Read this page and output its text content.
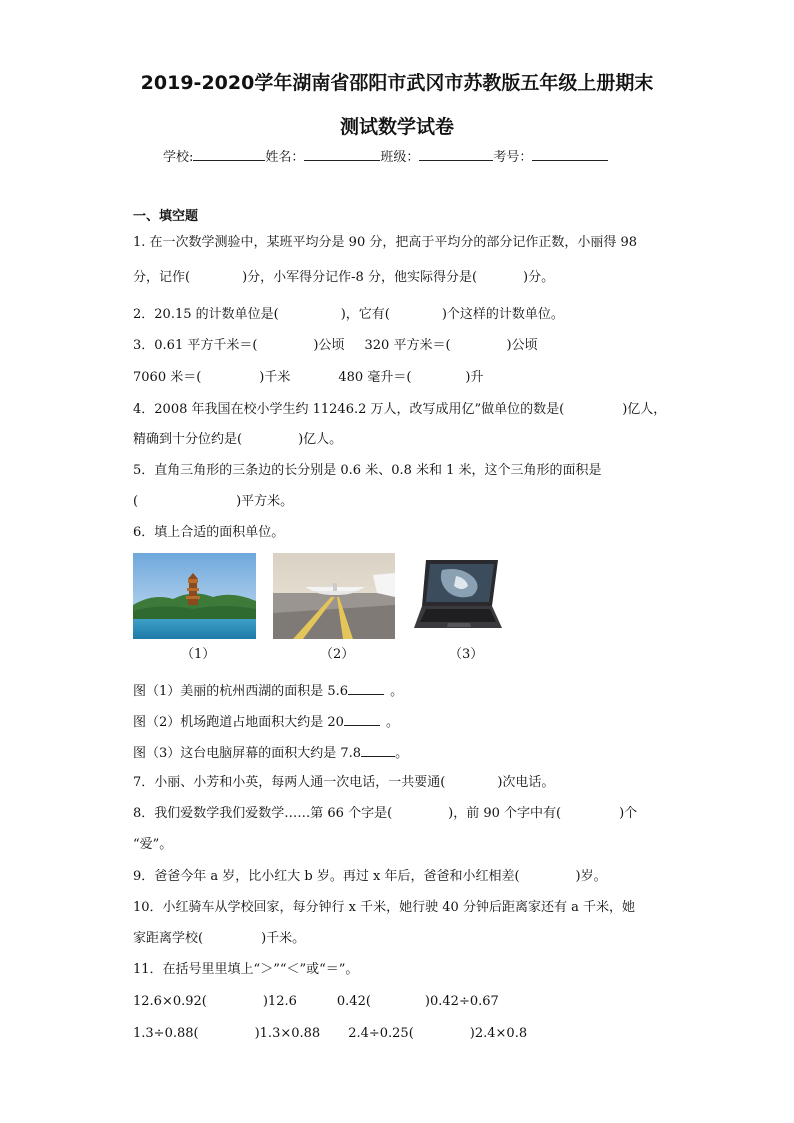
2019-2020学年湖南省邵阳市武冈市苏教版五年级上册期末
测试数学试卷
学校:	姓名：	班级：	考号：
一、填空题
1. 在一次数学测验中，某班平均分是 90 分，把高于平均分的部分记作正数，小丽得 98
分，记作(	)分，小军得分记作-8 分，他实际得分是(	)分。
2．20.15 的计数单位是(	)，它有(	)个这样的计数单位。
3．0.61 平方千米＝(	)公顷 320 平方米＝(	)公顷
7060 米＝(	)千米	480 毫升＝(	)升
4．2008 年我国在校小学生约 11246.2 万人，改写成用亿”做单位的数是(	)亿人，
精确到十分位约是(	)亿人。
5．直角三角形的三条边的长分别是 0.6 米、0.8 米和 1 米，这个三角形的面积是
(	)平方米。
6．填上合适的面积单位。
（1）	（2）	（3）
图（1）美丽的杭州西湖的面积是 5.6	。
图（2）机场跑道占地面积大约是 20	。
图（3）这台电脑屏幕的面积大约是 7.8	。
7．小丽、小芳和小英，每两人通一次电话，一共要通(	)次电话。
8．我们爱数学我们爱数学……第 66 个字是(	)，前 90 个字中有(	)个
“爱”。
9．爸爸今年 a 岁，比小红大 b 岁。再过 x 年后，爸爸和小红相差(	)岁。
10．小红骑车从学校回家，每分钟行 x 千米，她行驶 40 分钟后距离家还有 a 千米，她
家距离学校(	)千米。
11．在括号里里填上“＞”“＜”或“＝”。
12.6×0.92(	)12.6	0.42(	)0.42÷0.67
1.3÷0.88(	)1.3×0.88 2.4÷0.25(	)2.4×0.8
